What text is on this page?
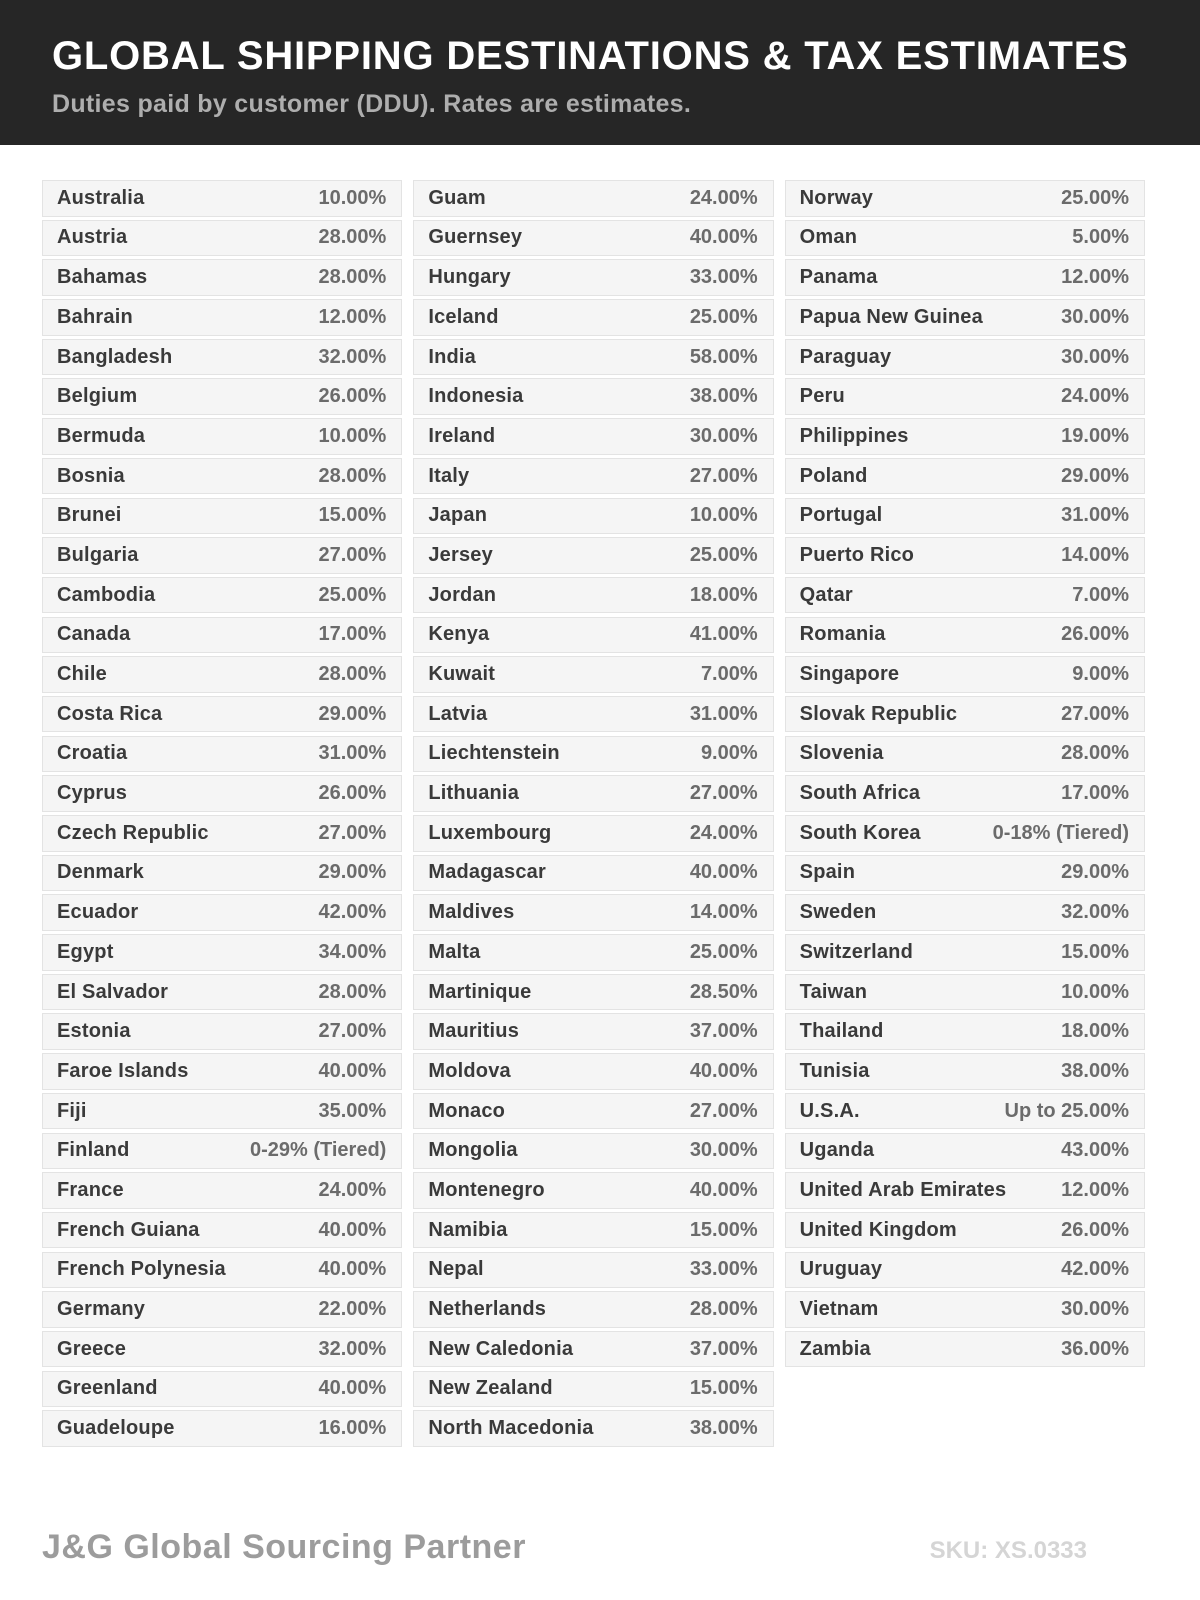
GLOBAL SHIPPING DESTINATIONS & TAX ESTIMATES
Duties paid by customer (DDU). Rates are estimates.
Australia	10.00%
Austria	28.00%
Bahamas	28.00%
Bahrain	12.00%
Bangladesh	32.00%
Belgium	26.00%
Bermuda	10.00%
Bosnia	28.00%
Brunei	15.00%
Bulgaria	27.00%
Cambodia	25.00%
Canada	17.00%
Chile	28.00%
Costa Rica	29.00%
Croatia	31.00%
Cyprus	26.00%
Czech Republic	27.00%
Denmark	29.00%
Ecuador	42.00%
Egypt	34.00%
El Salvador	28.00%
Estonia	27.00%
Faroe Islands	40.00%
Fiji	35.00%
Finland	0-29% (Tiered)
France	24.00%
French Guiana	40.00%
French Polynesia	40.00%
Germany	22.00%
Greece	32.00%
Greenland	40.00%
Guadeloupe	16.00%
Guam	24.00%
Guernsey	40.00%
Hungary	33.00%
Iceland	25.00%
India	58.00%
Indonesia	38.00%
Ireland	30.00%
Italy	27.00%
Japan	10.00%
Jersey	25.00%
Jordan	18.00%
Kenya	41.00%
Kuwait	7.00%
Latvia	31.00%
Liechtenstein	9.00%
Lithuania	27.00%
Luxembourg	24.00%
Madagascar	40.00%
Maldives	14.00%
Malta	25.00%
Martinique	28.50%
Mauritius	37.00%
Moldova	40.00%
Monaco	27.00%
Mongolia	30.00%
Montenegro	40.00%
Namibia	15.00%
Nepal	33.00%
Netherlands	28.00%
New Caledonia	37.00%
New Zealand	15.00%
North Macedonia	38.00%
Norway	25.00%
Oman	5.00%
Panama	12.00%
Papua New Guinea	30.00%
Paraguay	30.00%
Peru	24.00%
Philippines	19.00%
Poland	29.00%
Portugal	31.00%
Puerto Rico	14.00%
Qatar	7.00%
Romania	26.00%
Singapore	9.00%
Slovak Republic	27.00%
Slovenia	28.00%
South Africa	17.00%
South Korea	0-18% (Tiered)
Spain	29.00%
Sweden	32.00%
Switzerland	15.00%
Taiwan	10.00%
Thailand	18.00%
Tunisia	38.00%
U.S.A.	Up to 25.00%
Uganda	43.00%
United Arab Emirates	12.00%
United Kingdom	26.00%
Uruguay	42.00%
Vietnam	30.00%
Zambia	36.00%
J&G Global Sourcing Partner	SKU: XS.0333
